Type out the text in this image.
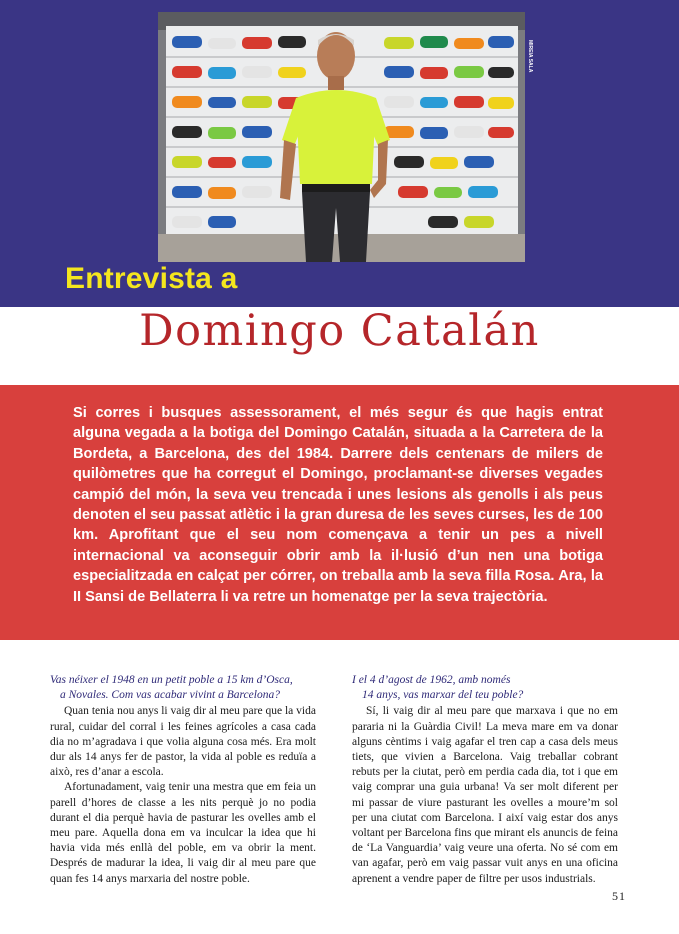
MIREIA SALA
Entrevista a
Domingo Catalán

Si corres i busques assessorament, el més segur és que hagis entrat alguna vegada a la botiga del Domingo Catalán, situada a la Carretera de la Bordeta, a Barcelona, des del 1984. Darrere dels centenars de milers de quilòmetres que ha corregut el Domingo, proclamant-se diverses vegades campió del món, la seva veu trencada i unes lesions als genolls i als peus denoten el seu passat atlètic i la gran duresa de les seves curses, les de 100 km. Aprofitant que el seu nom començava a tenir un pes a nivell internacional va aconseguir obrir amb la il·lusió d’un nen una botiga especialitzada en calçat per córrer, on treballa amb la seva filla Rosa. Ara, la II Sansi de Bellaterra li va retre un homenatge per la seva trajectòria.

Vas néixer el 1948 en un petit poble a 15 km d’Osca,
a Novales. Com vas acabar vivint a Barcelona?

Quan tenia nou anys li vaig dir al meu pare que la vida rural, cuidar del corral i les feines agrícoles a casa cada dia no m’agradava i que volia alguna cosa més. Era molt dur als 14 anys fer de pastor, la vida al poble es reduïa a això, res d’anar a escola.

Afortunadament, vaig tenir una mestra que em feia un parell d’hores de classe a les nits perquè jo no podia durant el dia perquè havia de pasturar les ovelles amb el meu pare. Aquella dona em va inculcar la idea que hi havia vida més enllà del poble, em va obrir la ment. Després de madurar la idea, li vaig dir al meu pare que quan fes 14 anys marxaria del nostre poble.

I el 4 d’agost de 1962, amb només
14 anys, vas marxar del teu poble?

Sí, li vaig dir al meu pare que marxava i que no em pararia ni la Guàrdia Civil! La meva mare em va donar alguns cèntims i vaig agafar el tren cap a casa dels meus tiets, que vivien a Barcelona. Vaig treballar cobrant rebuts per la ciutat, però em perdia cada dia, tot i que em vaig comprar una guia urbana! Va ser molt diferent per mi passar de viure pasturant les ovelles a moure’m sol per una ciutat com Barcelona. I així vaig estar dos anys voltant per Barcelona fins que mirant els anuncis de feina de ‘La Vanguardia’ vaig veure una oferta. No sé com em van agafar, però em vaig passar vuit anys en una oficina aprenent a vendre paper de filtre per usos industrials.

51
